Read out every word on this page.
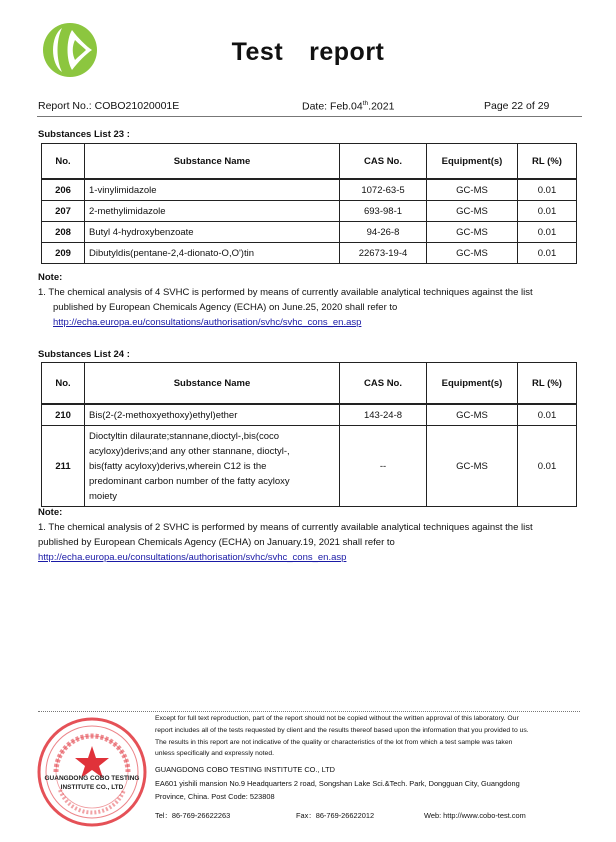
Test report
Report No.: COBO21020001E	Date: Feb.04th.2021	Page 22 of 29
Substances List 23 :
No.	Substance Name	CAS No.	Equipment(s)	RL (%)
206	1-vinylimidazole	1072-63-5	GC-MS	0.01
207	2-methylimidazole	693-98-1	GC-MS	0.01
208	Butyl 4-hydroxybenzoate	94-26-8	GC-MS	0.01
209	Dibutyldis(pentane-2,4-dionato-O,O')tin	22673-19-4	GC-MS	0.01

Note:

1. The chemical analysis of 4 SVHC is performed by means of currently available analytical techniques against the list

published by European Chemicals Agency (ECHA) on June.25, 2020 shall refer to

http://echa.europa.eu/consultations/authorisation/svhc/svhc_cons_en.asp

Substances List 24 :
No.	Substance Name	CAS No.	Equipment(s)	RL (%)
210	Bis(2-(2-methoxyethoxy)ethyl)ether	143-24-8	GC-MS	0.01
211	Dioctyltin dilaurate;stannane,dioctyl-,bis(coco
acyloxy)derivs;and any other stannane, dioctyl-,
bis(fatty acyloxy)derivs,wherein C12 is the
predominant carbon number of the fatty acyloxy
moiety	--	GC-MS	0.01

Note:

1. The chemical analysis of 2 SVHC is performed by means of currently available analytical techniques against the list

published by European Chemicals Agency (ECHA) on January.19, 2021 shall refer to

http://echa.europa.eu/consultations/authorisation/svhc/svhc_cons_en.asp

GUANGDONG COBO TESTING
INSTITUTE CO., LTD
Except for full text reproduction, part of the report should not be copied without the written approval of this laboratory. Our
report includes all of the tests requested by client and the results thereof based upon the information that you provided to us.
The results in this report are not indicative of the quality or characteristics of the lot from which a test sample was taken
unless specifically and expressly noted.
GUANGDONG COBO TESTING INSTITUTE CO., LTD
EA601 yishili mansion No.9 Headquarters 2 road, Songshan Lake Sci.&Tech. Park, Dongguan City, Guangdong
Province, China. Post Code: 523808
Tel：86-769-26622263	Fax：86-769-26622012	Web: http://www.cobo-test.com
